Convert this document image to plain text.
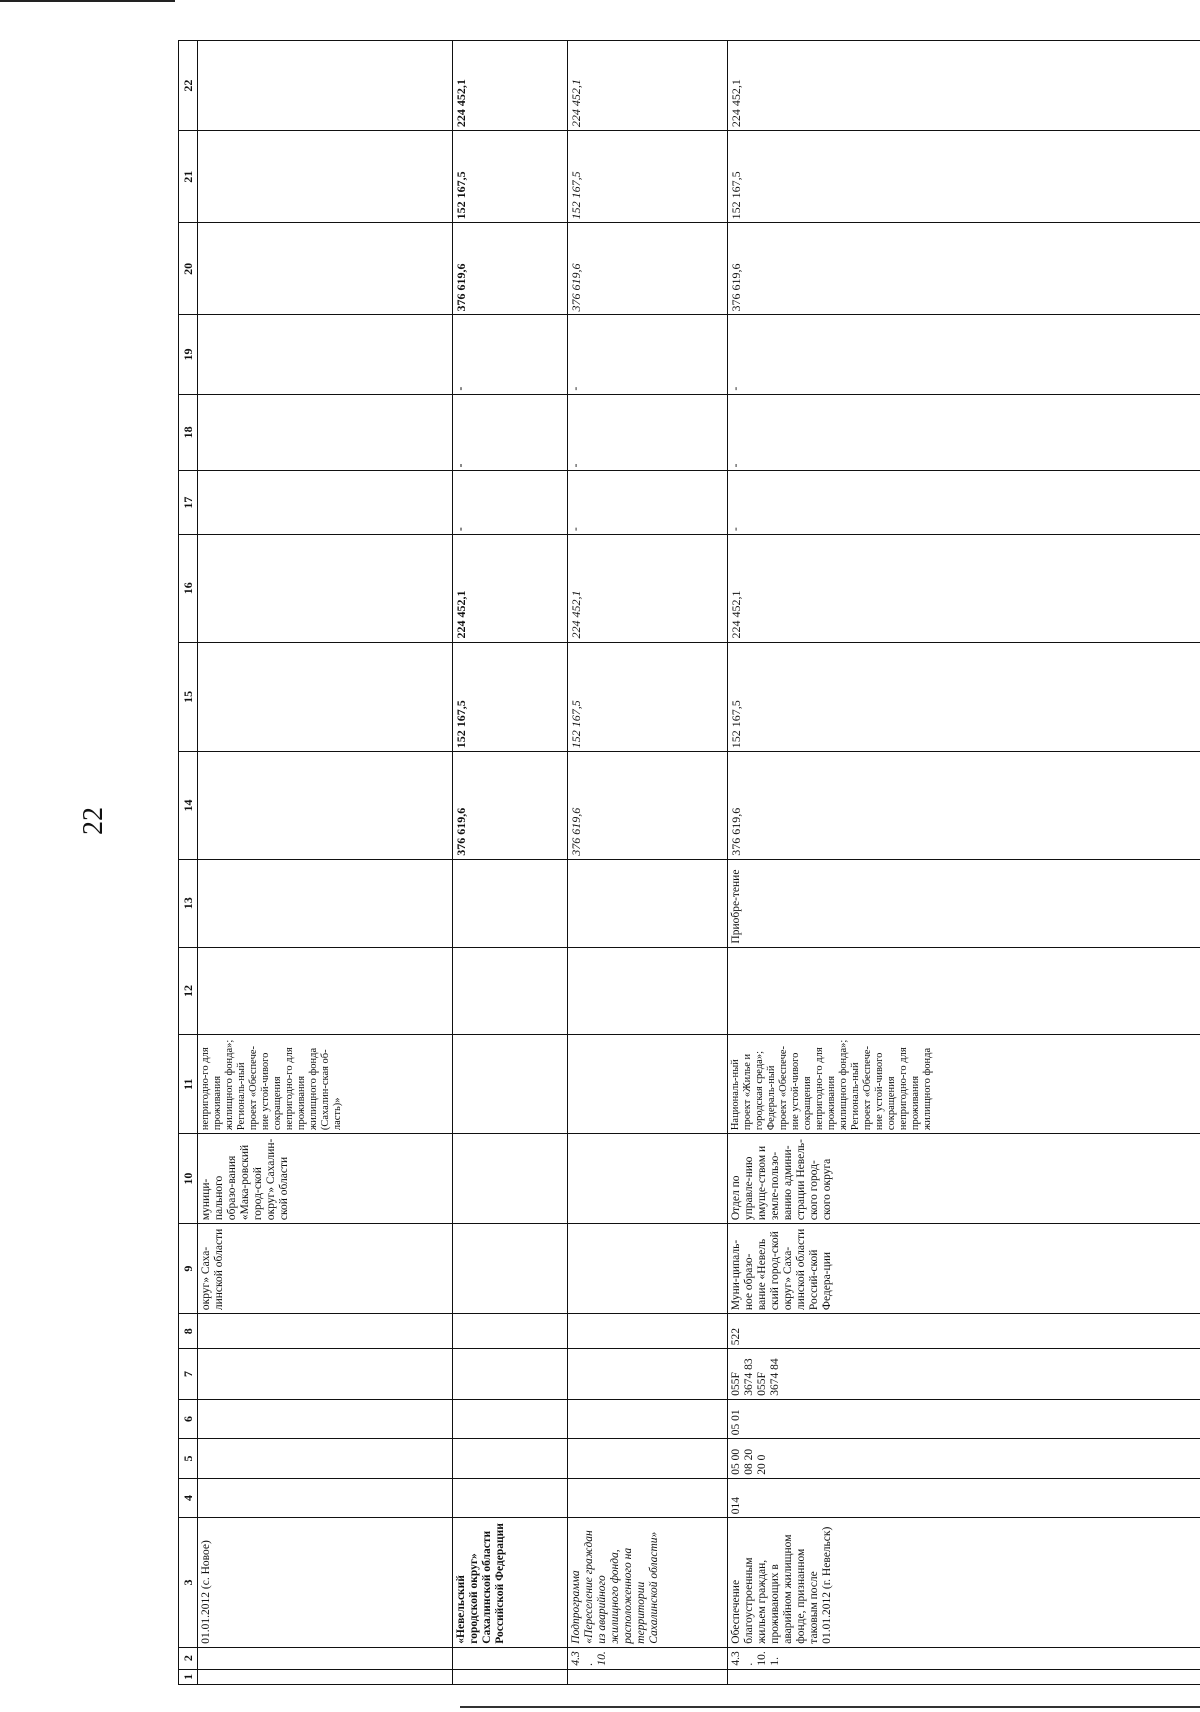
22
1	2	3	4	5	6	7	8	9	10	11	12	13	14	15	16	17	18	19	20	21	22
		01.01.2012 (с. Новое)						округ» Саха-линской области	муници-пального образо-вания «Мака-ровский город-ской округ» Сахалин-ской области	непригодно-го для проживания жилищного фонда»; Региональ-ный проект «Обеспече-ние устой-чивого сокращения непригодно-го для проживания жилищного фонда (Сахалин-ская об-ласть)»											
		«Невельский городской округ» Сахалинской области Российской Федерации											376 619,6	152 167,5	224 452,1	-	-	-	376 619,6	152 167,5	224 452,1
	4.3. 10.	Подпрограмма «Переселение граждан из аварийного жилищного фонда, расположенного на территории Сахалинской области»											376 619,6	152 167,5	224 452,1	-	-	-	376 619,6	152 167,5	224 452,1
	4.3. 10. 1.	Обеспечение благоустроенным жильем граждан, проживающих в аварийном жилищном фонде, признанном таковым после 01.01.2012 (г. Невельск)	014	05 00 08 20 20 0	05 01	055F 3674 83 055F 3674 84	522	Муни-ципаль-ное образо-вание «Невель ский город-ской округ» Саха-линской области Россий-ской Федера-ции	Отдел по управле-нию имуще-ством и земле-пользо-ванию админи-страции Невель-ского город-ского округа	Националь-ный проект «Жилье и городская среда»; Федераль-ный проект «Обеспече-ние устой-чивого сокращения непригодно-го для проживания жилищного фонда»; Региональ-ный проект «Обеспече-ние устой-чивого сокращения непригодно-го для проживания жилищного фонда		Приобре-тение	376 619,6	152 167,5	224 452,1	-	-	-	376 619,6	152 167,5	224 452,1
